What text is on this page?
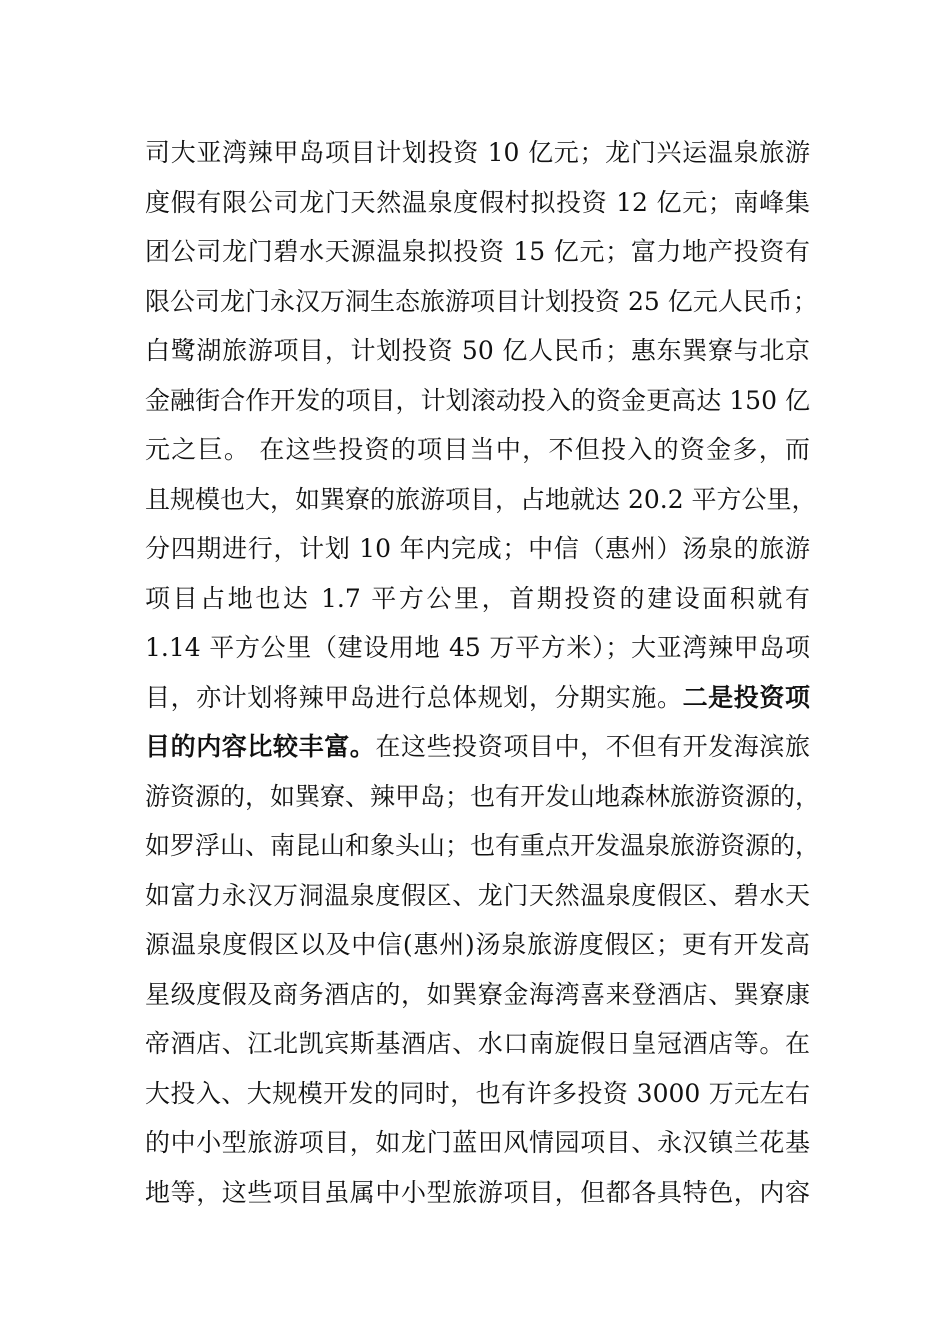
司大亚湾辣甲岛项目计划投资 10 亿元；龙门兴运温泉旅游
度假有限公司龙门天然温泉度假村拟投资 12 亿元；南峰集
团公司龙门碧水天源温泉拟投资 15 亿元；富力地产投资有
限公司龙门永汉万洞生态旅游项目计划投资 25 亿元人民币；
白鹭湖旅游项目，计划投资 50 亿人民币；惠东巽寮与北京
金融街合作开发的项目，计划滚动投入的资金更高达 150 亿
元之巨。 在这些投资的项目当中，不但投入的资金多，而
且规模也大，如巽寮的旅游项目，占地就达 20.2 平方公里，
分四期进行，计划 10 年内完成；中信（惠州）汤泉的旅游
项目占地也达 1.7 平方公里，首期投资的建设面积就有
1.14 平方公里（建设用地 45 万平方米）；大亚湾辣甲岛项
目，亦计划将辣甲岛进行总体规划，分期实施。二是投资项
目的内容比较丰富。在这些投资项目中，不但有开发海滨旅
游资源的，如巽寮、辣甲岛；也有开发山地森林旅游资源的，
如罗浮山、南昆山和象头山；也有重点开发温泉旅游资源的，
如富力永汉万洞温泉度假区、龙门天然温泉度假区、碧水天
源温泉度假区以及中信(惠州)汤泉旅游度假区；更有开发高
星级度假及商务酒店的，如巽寮金海湾喜来登酒店、巽寮康
帝酒店、江北凯宾斯基酒店、水口南旋假日皇冠酒店等。在
大投入、大规模开发的同时，也有许多投资 3000 万元左右
的中小型旅游项目，如龙门蓝田风情园项目、永汉镇兰花基
地等，这些项目虽属中小型旅游项目，但都各具特色，内容
